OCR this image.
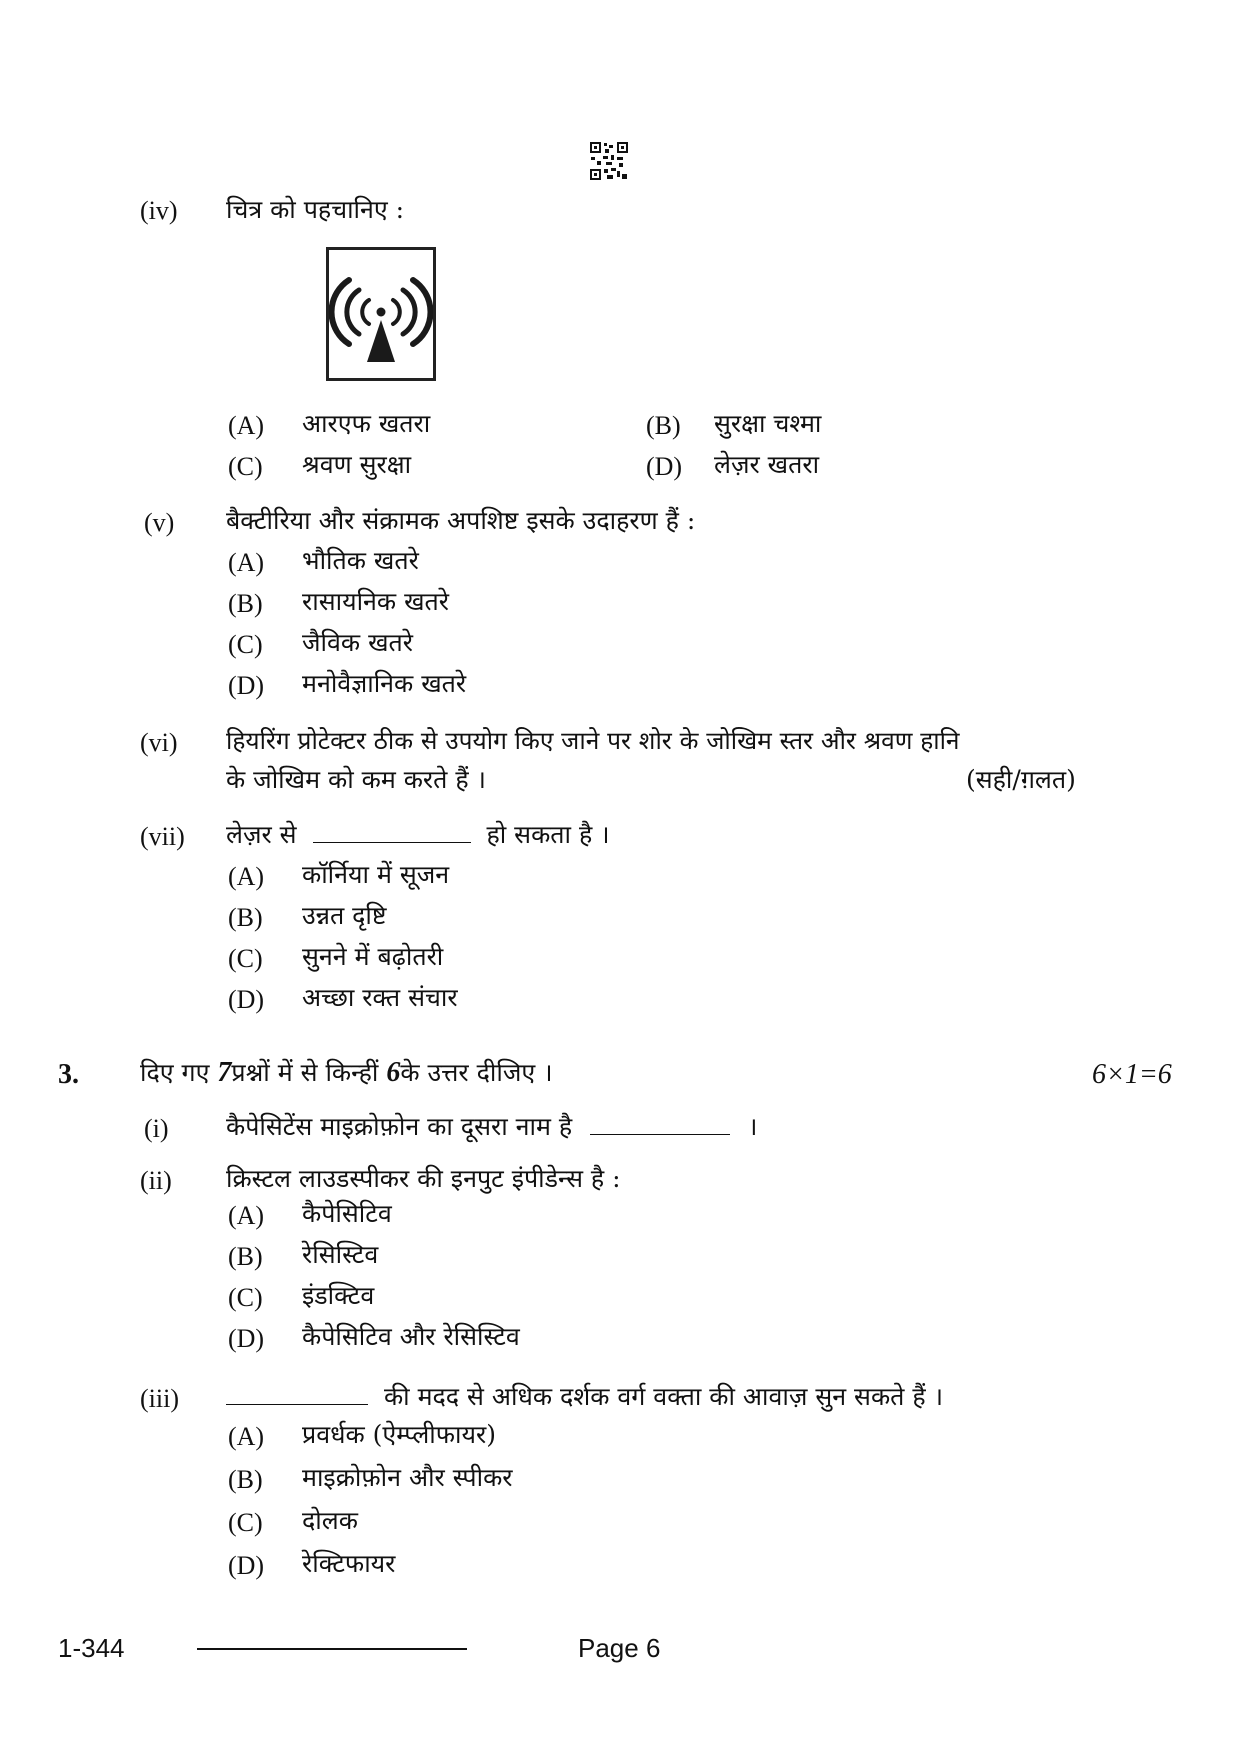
(iv) चित्र को पहचानिए :
(A) आरएफ खतरा	(B) सुरक्षा चश्मा
(C) श्रवण सुरक्षा	(D) लेज़र खतरा
(v) बैक्टीरिया और संक्रामक अपशिष्ट इसके उदाहरण हैं :
(A) भौतिक खतरे
(B) रासायनिक खतरे
(C) जैविक खतरे
(D) मनोवैज्ञानिक खतरे
(vi) हियरिंग प्रोटेक्टर ठीक से उपयोग किए जाने पर शोर के जोखिम स्तर और श्रवण हानि
के जोखिम को कम करते हैं ।	(सही/ग़लत)
(vii) लेज़र से	हो सकता है ।
(A) कॉर्निया में सूजन
(B) उन्नत दृष्टि
(C) सुनने में बढ़ोतरी
(D) अच्छा रक्त संचार
3. दिए गए 7प्रश्नों में से किन्हीं 6के उत्तर दीजिए ।	6×1=6
(i) कैपेसिटेंस माइक्रोफ़ोन का दूसरा नाम है	।
(ii) क्रिस्टल लाउडस्पीकर की इनपुट इंपीडेन्स है :
(A) कैपेसिटिव
(B) रेसिस्टिव
(C) इंडक्टिव
(D) कैपेसिटिव और रेसिस्टिव
(iii)	की मदद से अधिक दर्शक वर्ग वक्ता की आवाज़ सुन सकते हैं ।
(A) प्रवर्धक (ऐम्प्लीफायर)
(B) माइक्रोफ़ोन और स्पीकर
(C) दोलक
(D) रेक्टिफायर
1-344	Page 6
